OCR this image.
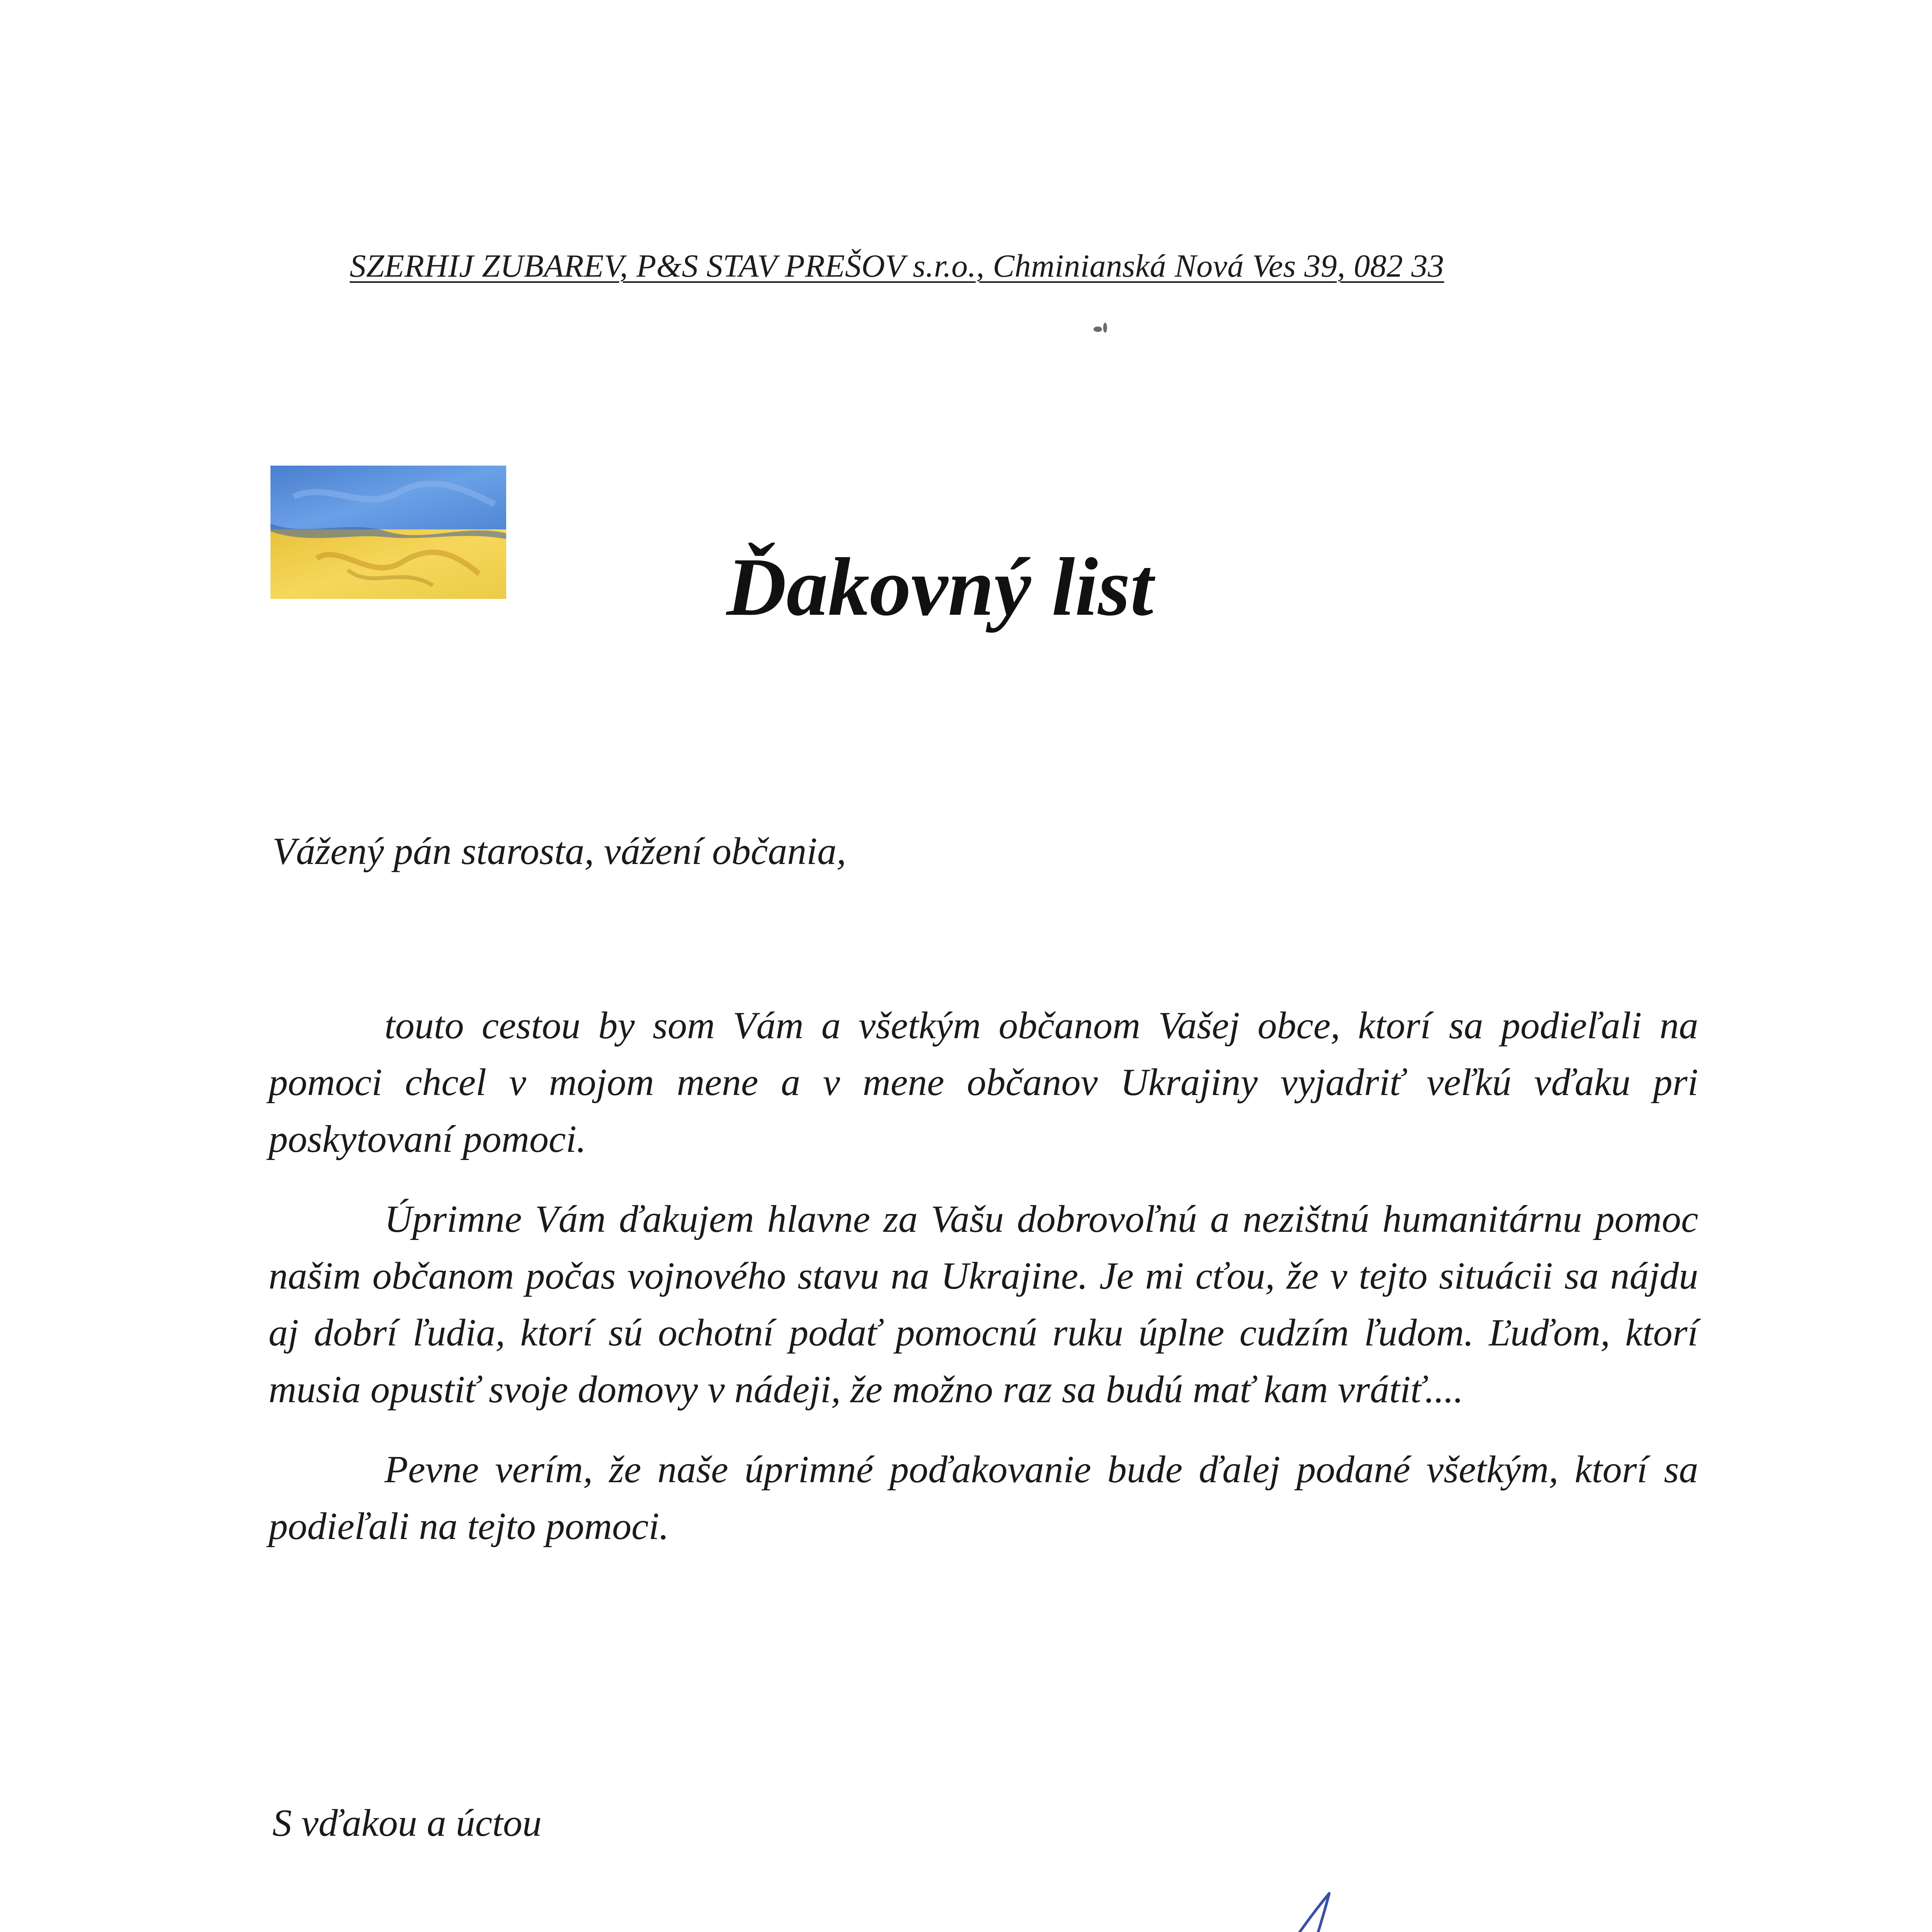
SZERHIJ ZUBAREV, P&S STAV PREŠOV s.r.o., Chminianská Nová Ves 39, 082 33
Ďakovný list
Vážený pán starosta, vážení občania,

touto cestou by som Vám a všetkým občanom Vašej obce, ktorí sa podieľali na pomoci chcel v mojom mene a v mene občanov Ukrajiny vyjadriť veľkú vďaku pri poskytovaní pomoci.

Úprimne Vám ďakujem hlavne za Vašu dobrovoľnú a nezištnú humanitárnu pomoc našim občanom počas vojnového stavu na Ukrajine. Je mi cťou, že v tejto situácii sa nájdu aj dobrí ľudia, ktorí sú ochotní podať pomocnú ruku úplne cudzím ľudom. Ľuďom, ktorí musia opustiť svoje domovy v nádeji, že možno raz sa budú mať kam vrátiť....

Pevne verím, že naše úprimné poďakovanie bude ďalej podané všetkým, ktorí sa podieľali na tejto pomoci.

S vďakou a úctou
